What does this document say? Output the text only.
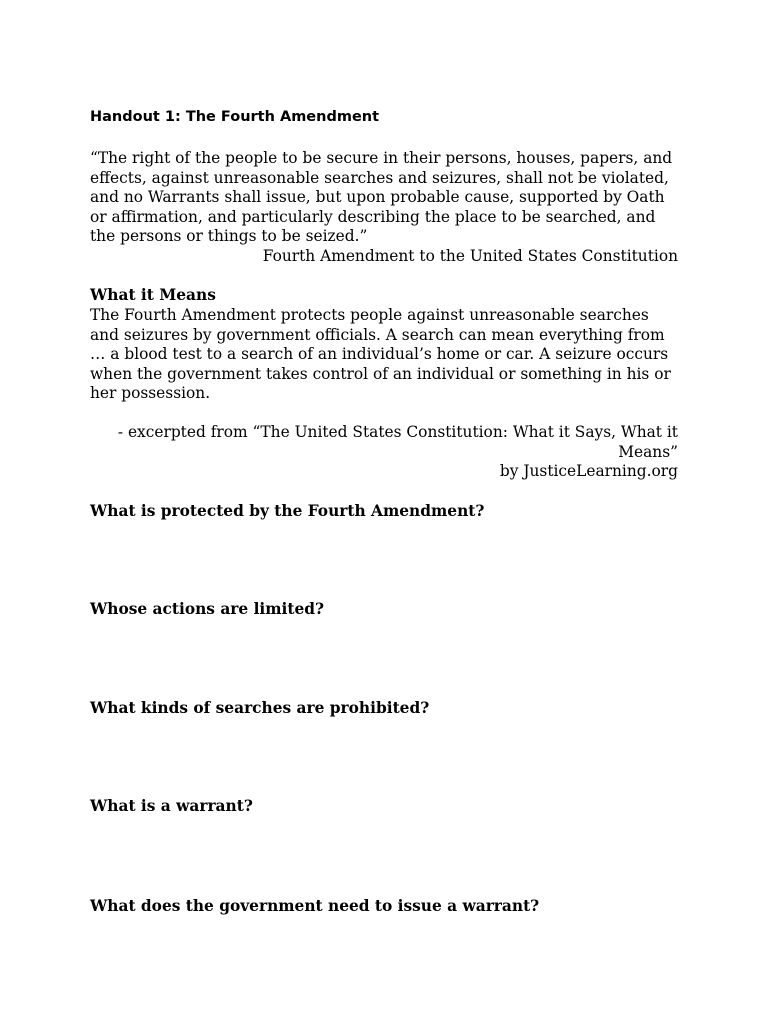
Handout 1: The Fourth Amendment

“The right of the people to be secure in their persons, houses, papers, and effects, against unreasonable searches and seizures, shall not be violated, and no Warrants shall issue, but upon probable cause, supported by Oath or affirmation, and particularly describing the place to be searched, and the persons or things to be seized.”

Fourth Amendment to the United States Constitution
What it Means

The Fourth Amendment protects people against unreasonable searches and seizures by government officials. A search can mean everything from … a blood test to a search of an individual’s home or car. A seizure occurs when the government takes control of an individual or something in his or her possession.

- excerpted from “The United States Constitution: What it Says, What it Means”
by JusticeLearning.org
What is protected by the Fourth Amendment?
Whose actions are limited?
What kinds of searches are prohibited?
What is a warrant?
What does the government need to issue a warrant?
